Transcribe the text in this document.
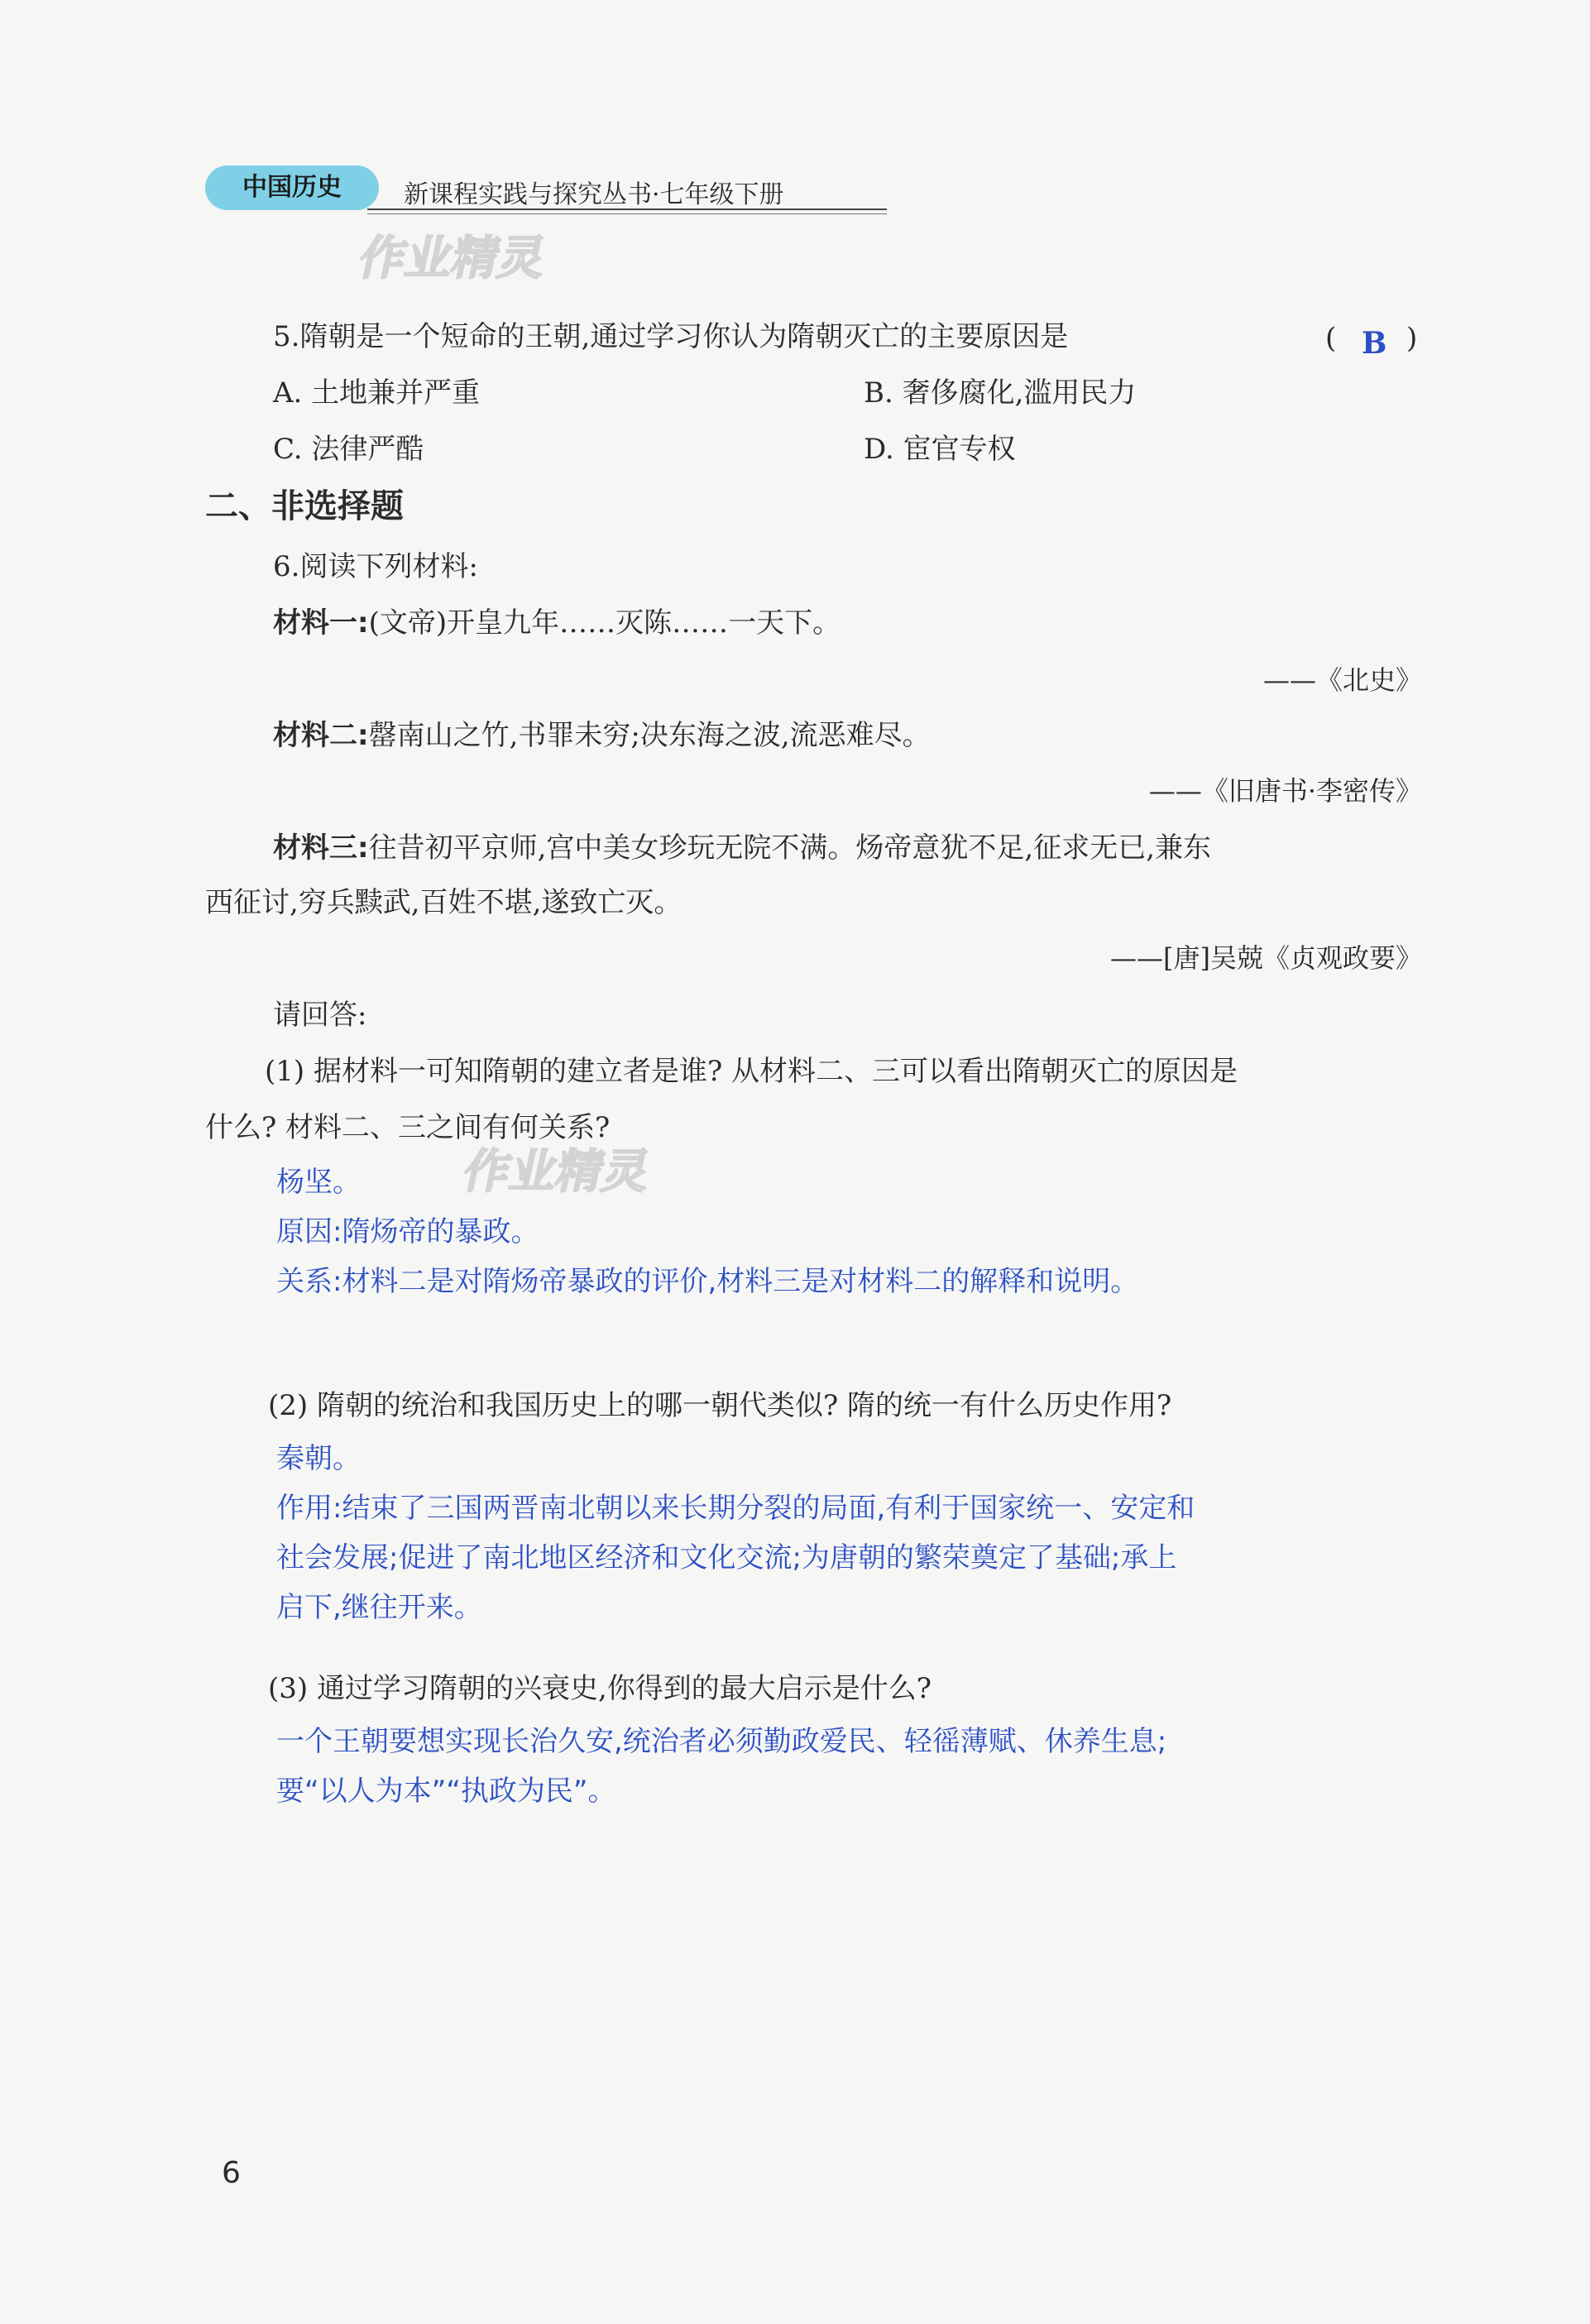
中国历史	新课程实践与探究丛书·七年级下册
作业精灵
作业精灵
5.隋朝是一个短命的王朝,通过学习你认为隋朝灭亡的主要原因是	( B )
A. 土地兼并严重	B. 奢侈腐化,滥用民力
C. 法律严酷	D. 宦官专权
二、非选择题
6.阅读下列材料:
材料一:(文帝)开皇九年……灭陈……一天下。
——《北史》
材料二:罄南山之竹,书罪未穷;决东海之波,流恶难尽。
——《旧唐书·李密传》
材料三:往昔初平京师,宫中美女珍玩无院不满。炀帝意犹不足,征求无已,兼东
西征讨,穷兵黩武,百姓不堪,遂致亡灭。
——[唐]吴兢《贞观政要》
请回答:
(1) 据材料一可知隋朝的建立者是谁? 从材料二、三可以看出隋朝灭亡的原因是
什么? 材料二、三之间有何关系?
杨坚。
原因:隋炀帝的暴政。
关系:材料二是对隋炀帝暴政的评价,材料三是对材料二的解释和说明。
(2) 隋朝的统治和我国历史上的哪一朝代类似? 隋的统一有什么历史作用?
秦朝。
作用:结束了三国两晋南北朝以来长期分裂的局面,有利于国家统一、安定和
社会发展;促进了南北地区经济和文化交流;为唐朝的繁荣奠定了基础;承上
启下,继往开来。
(3) 通过学习隋朝的兴衰史,你得到的最大启示是什么?
一个王朝要想实现长治久安,统治者必须勤政爱民、轻徭薄赋、休养生息;
要“以人为本”“执政为民”。
6
